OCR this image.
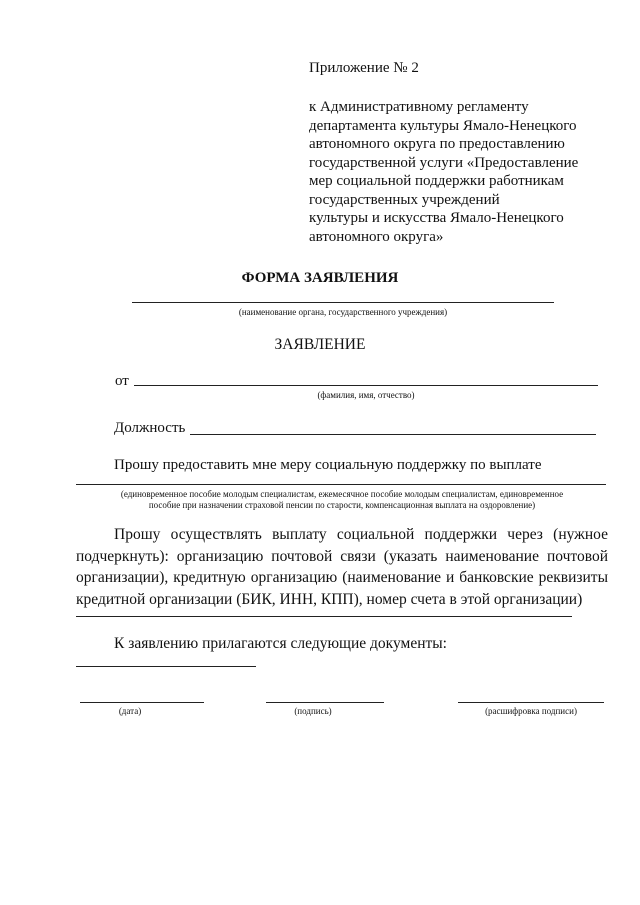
Приложение № 2
к Административному регламенту
департамента культуры Ямало-Ненецкого
автономного округа по предоставлению
государственной услуги «Предоставление
мер социальной поддержки работникам
государственных учреждений
культуры и искусства Ямало-Ненецкого
автономного округа»
ФОРМА ЗАЯВЛЕНИЯ
(наименование органа, государственного учреждения)
ЗАЯВЛЕНИЕ
от
(фамилия, имя, отчество)
Должность
Прошу предоставить мне меру социальную поддержку по выплате
(единовременное пособие молодым специалистам, ежемесячное пособие молодым специалистам, единовременное
пособие при назначении страховой пенсии по старости, компенсационная выплата на оздоровление)
Прошу осуществлять выплату социальной поддержки через (нужное
подчеркнуть): организацию почтовой связи (указать наименование почтовой
организации), кредитную организацию (наименование и банковские реквизиты
кредитной организации (БИК, ИНН, КПП), номер счета в этой организации)
К заявлению прилагаются следующие документы:
(дата)	(подпись)	(расшифровка подписи)
